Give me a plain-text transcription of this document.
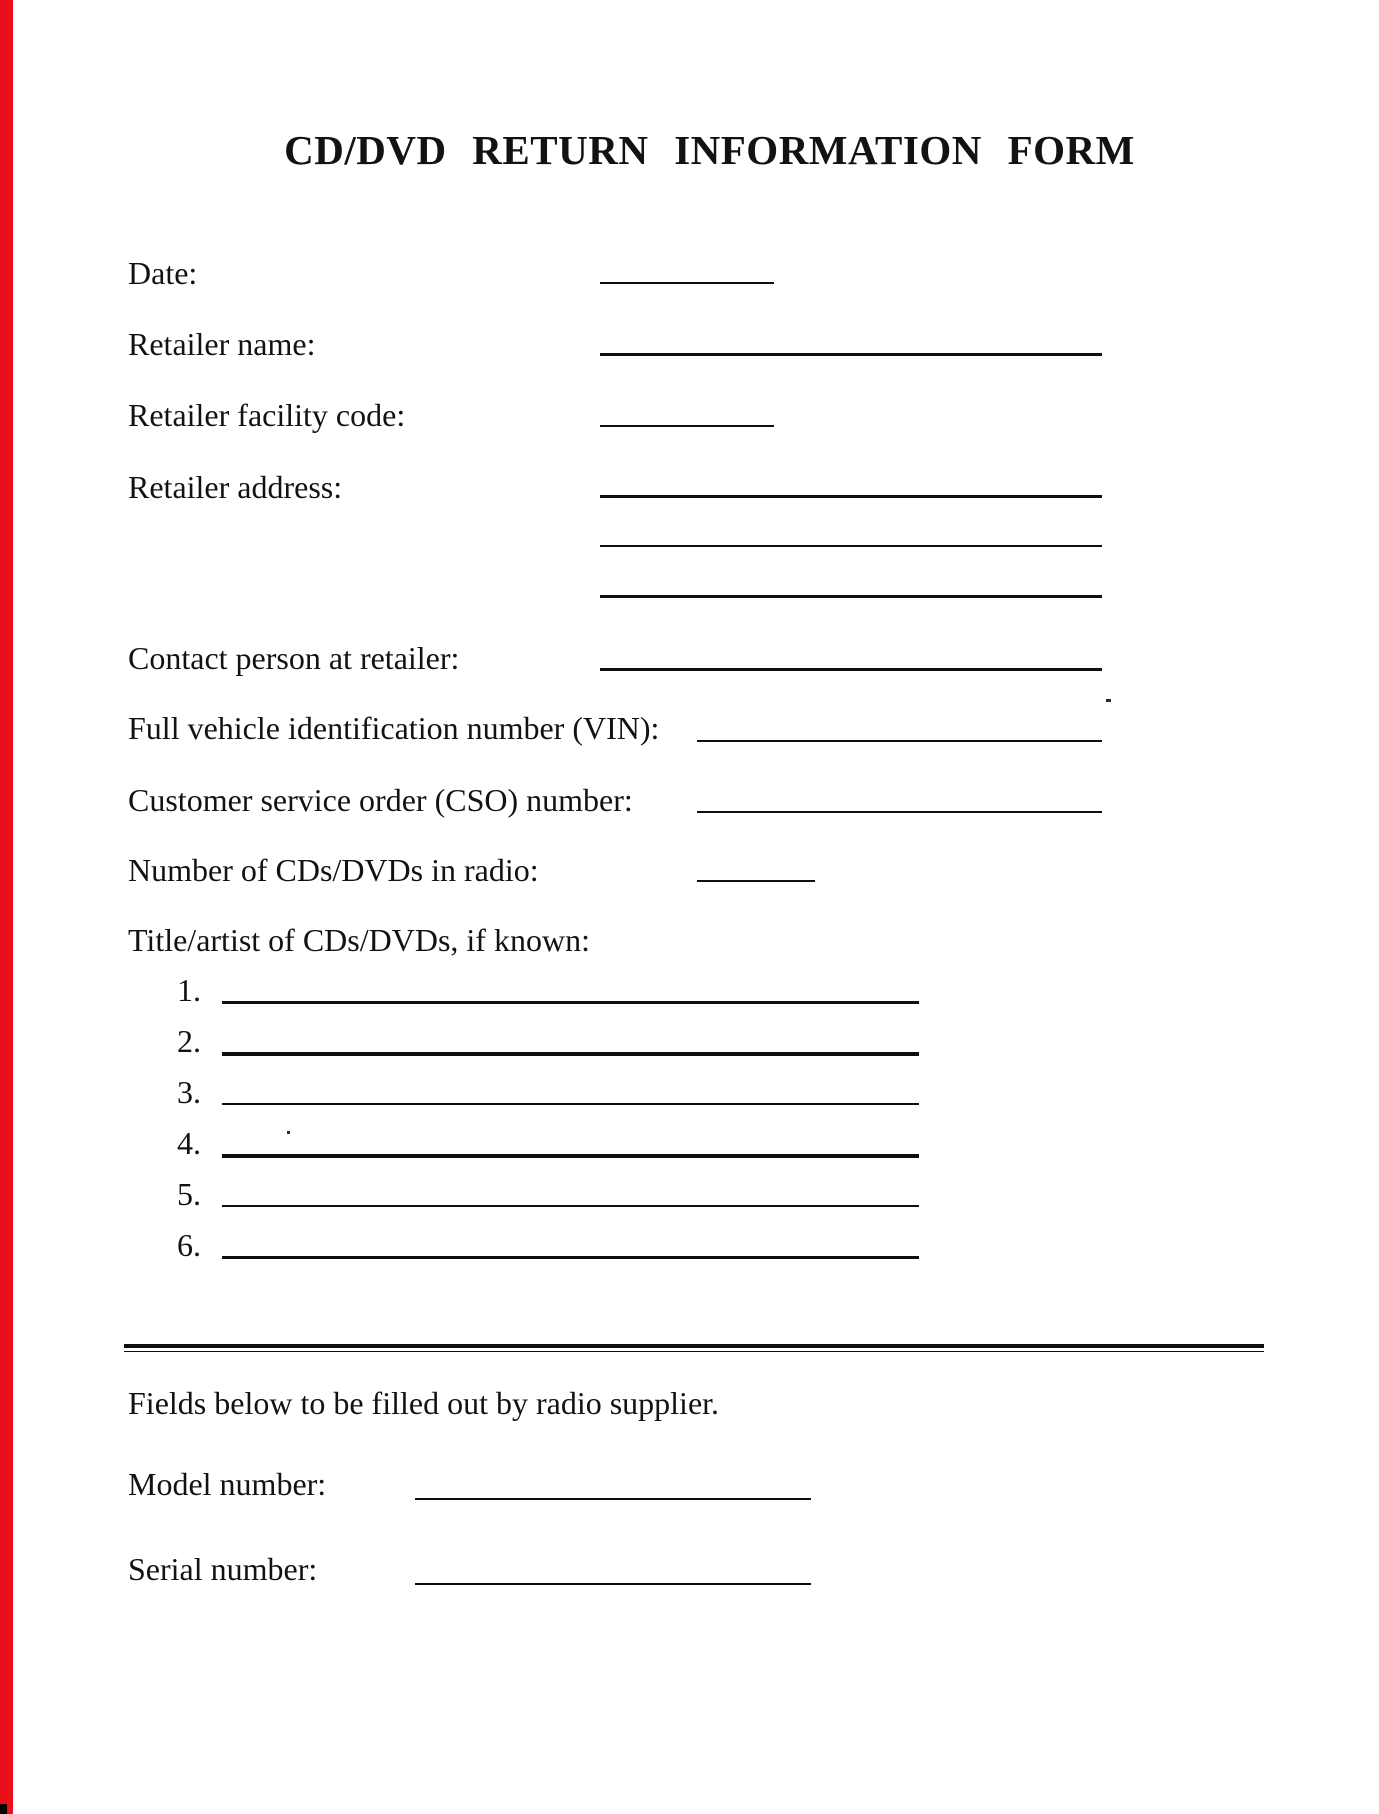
CD/DVD RETURN INFORMATION FORM
Date:
Retailer name:
Retailer facility code:
Retailer address:
Contact person at retailer:
Full vehicle identification number (VIN):
Customer service order (CSO) number:
Number of CDs/DVDs in radio:
Title/artist of CDs/DVDs, if known:
1.
2.
3.
4.
5.
6.
Fields below to be filled out by radio supplier.
Model number:
Serial number:
